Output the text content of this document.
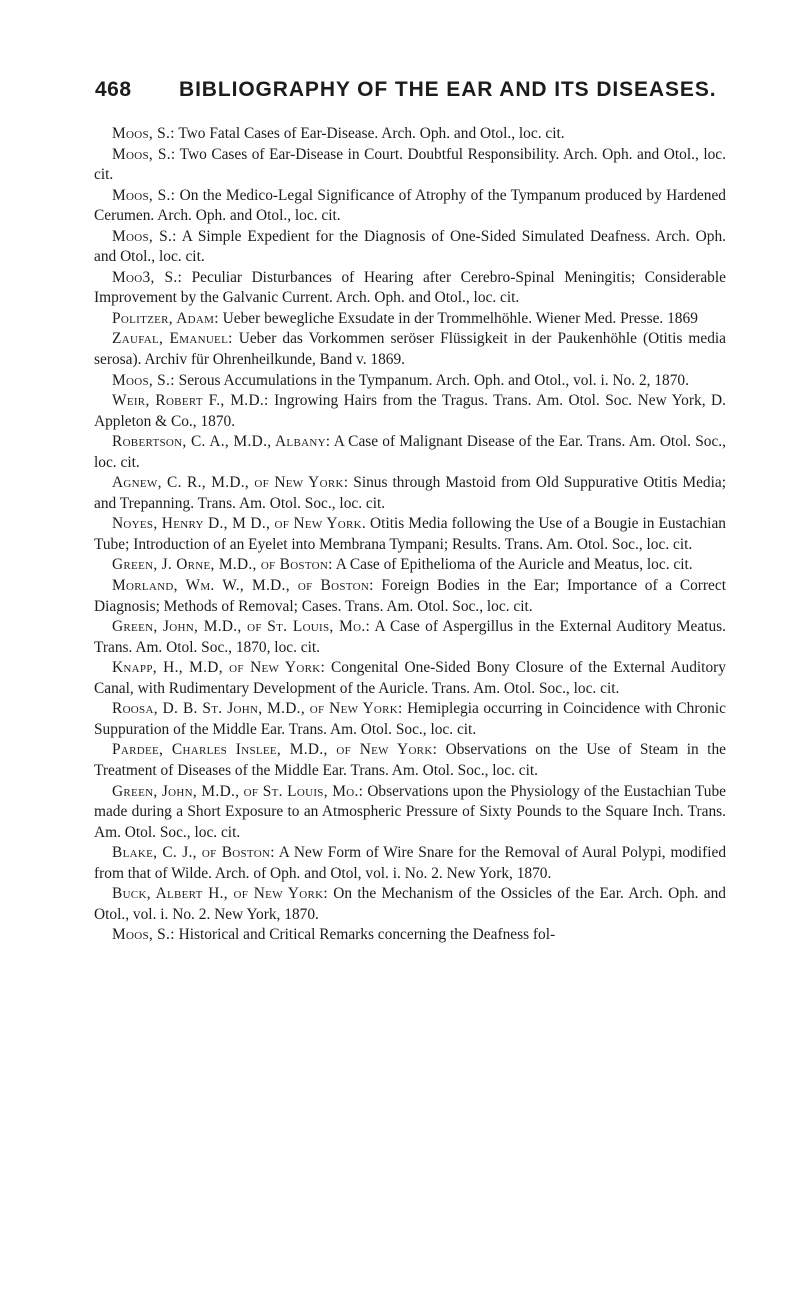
468 BIBLIOGRAPHY OF THE EAR AND ITS DISEASES.

Moos, S.: Two Fatal Cases of Ear-Disease. Arch. Oph. and Otol., loc. cit.

Moos, S.: Two Cases of Ear-Disease in Court. Doubtful Responsibility. Arch. Oph. and Otol., loc. cit.

Moos, S.: On the Medico-Legal Significance of Atrophy of the Tympanum produced by Hardened Cerumen. Arch. Oph. and Otol., loc. cit.

Moos, S.: A Simple Expedient for the Diagnosis of One-Sided Simulated Deafness. Arch. Oph. and Otol., loc. cit.

Moo3, S.: Peculiar Disturbances of Hearing after Cerebro-Spinal Meningitis; Considerable Improvement by the Galvanic Current. Arch. Oph. and Otol., loc. cit.

Politzer, Adam: Ueber bewegliche Exsudate in der Trommelhöhle. Wiener Med. Presse. 1869

Zaufal, Emanuel: Ueber das Vorkommen seröser Flüssigkeit in der Paukenhöhle (Otitis media serosa). Archiv für Ohrenheilkunde, Band v. 1869.

Moos, S.: Serous Accumulations in the Tympanum. Arch. Oph. and Otol., vol. i. No. 2, 1870.

Weir, Robert F., M.D.: Ingrowing Hairs from the Tragus. Trans. Am. Otol. Soc. New York, D. Appleton & Co., 1870.

Robertson, C. A., M.D., Albany: A Case of Malignant Disease of the Ear. Trans. Am. Otol. Soc., loc. cit.

Agnew, C. R., M.D., of New York: Sinus through Mastoid from Old Suppurative Otitis Media; and Trepanning. Trans. Am. Otol. Soc., loc. cit.

Noyes, Henry D., M D., of New York. Otitis Media following the Use of a Bougie in Eustachian Tube; Introduction of an Eyelet into Membrana Tympani; Results. Trans. Am. Otol. Soc., loc. cit.

Green, J. Orne, M.D., of Boston: A Case of Epithelioma of the Auricle and Meatus, loc. cit.

Morland, Wm. W., M.D., of Boston: Foreign Bodies in the Ear; Importance of a Correct Diagnosis; Methods of Removal; Cases. Trans. Am. Otol. Soc., loc. cit.

Green, John, M.D., of St. Louis, Mo.: A Case of Aspergillus in the External Auditory Meatus. Trans. Am. Otol. Soc., 1870, loc. cit.

Knapp, H., M.D, of New York: Congenital One-Sided Bony Closure of the External Auditory Canal, with Rudimentary Development of the Auricle. Trans. Am. Otol. Soc., loc. cit.

Roosa, D. B. St. John, M.D., of New York: Hemiplegia occurring in Coincidence with Chronic Suppuration of the Middle Ear. Trans. Am. Otol. Soc., loc. cit.

Pardee, Charles Inslee, M.D., of New York: Observations on the Use of Steam in the Treatment of Diseases of the Middle Ear. Trans. Am. Otol. Soc., loc. cit.

Green, John, M.D., of St. Louis, Mo.: Observations upon the Physiology of the Eustachian Tube made during a Short Exposure to an Atmospheric Pressure of Sixty Pounds to the Square Inch. Trans. Am. Otol. Soc., loc. cit.

Blake, C. J., of Boston: A New Form of Wire Snare for the Removal of Aural Polypi, modified from that of Wilde. Arch. of Oph. and Otol, vol. i. No. 2. New York, 1870.

Buck, Albert H., of New York: On the Mechanism of the Ossicles of the Ear. Arch. Oph. and Otol., vol. i. No. 2. New York, 1870.

Moos, S.: Historical and Critical Remarks concerning the Deafness fol-
